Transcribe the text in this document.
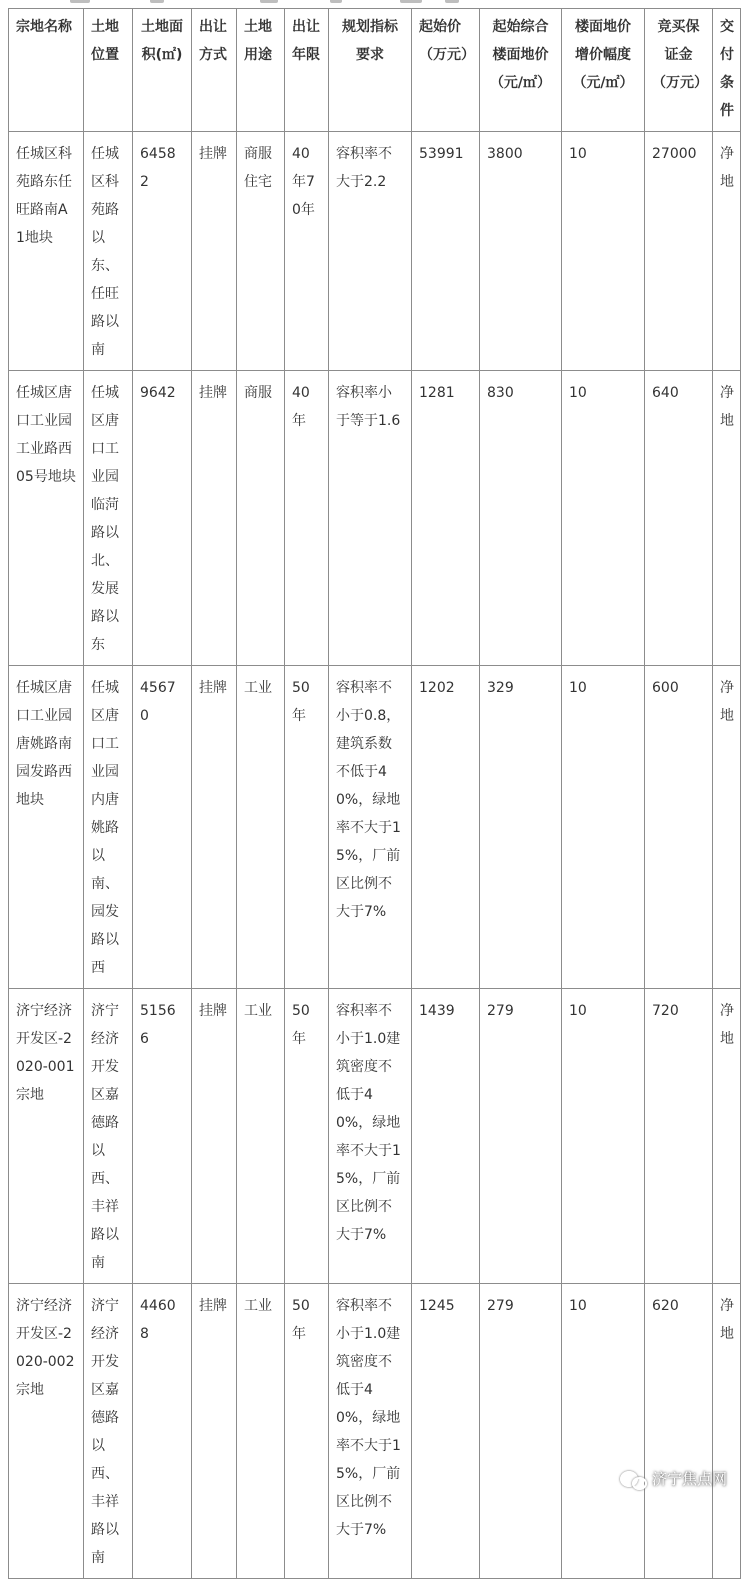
宗地名称	土地位置	土地面积(㎡)	出让方式	土地用途	出让年限	规划指标要求	起始价（万元）	起始综合楼面地价（元/㎡）	楼面地价增价幅度（元/㎡）	竞买保证金（万元）	交付条件
任城区科苑路东任旺路南A1地块	任城区科苑路以东、任旺路以南	64582	挂牌	商服住宅	40年70年	容积率不大于2.2	53991	3800	10	27000	净地
任城区唐口工业园工业路西05号地块	任城区唐口工业园临菏路以北、发展路以东	9642	挂牌	商服	40年	容积率小于等于1.6	1281	830	10	640	净地
任城区唐口工业园唐姚路南园发路西地块	任城区唐口工业园内唐姚路以南、园发路以西	45670	挂牌	工业	50年	容积率不小于0.8，建筑系数不低于40%，绿地率不大于15%，厂前区比例不大于7%	1202	329	10	600	净地
济宁经济开发区-2020-001宗地	济宁经济开发区嘉德路以西、丰祥路以南	51566	挂牌	工业	50年	容积率不小于1.0建筑密度不低于40%，绿地率不大于15%，厂前区比例不大于7%	1439	279	10	720	净地
济宁经济开发区-2020-002宗地	济宁经济开发区嘉德路以西、丰祥路以南	44608	挂牌	工业	50年	容积率不小于1.0建筑密度不低于40%，绿地率不大于15%，厂前区比例不大于7%	1245	279	10	620	净地
济宁焦点网
